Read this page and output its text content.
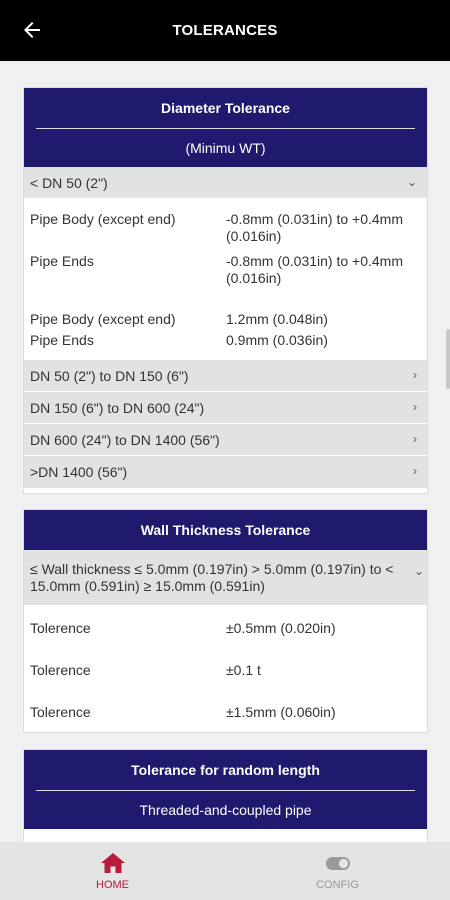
TOLERANCES
Diameter Tolerance
(Minimu WT)
< DN 50 (2")	⌄
Pipe Body (except end)	-0.8mm (0.031in) to +0.4mm (0.016in)
Pipe Ends	-0.8mm (0.031in) to +0.4mm (0.016in)
Pipe Body (except end)	1.2mm (0.048in)
Pipe Ends	0.9mm (0.036in)
DN 50 (2") to DN 150 (6")	›
DN 150 (6") to DN 600 (24")	›
DN 600 (24") to DN 1400 (56")	›
>DN 1400 (56")	›
Wall Thickness Tolerance
≤ Wall thickness ≤ 5.0mm (0.197in) > 5.0mm (0.197in) to < 15.0mm (0.591in) ≥ 15.0mm (0.591in)
⌄
Tolerence	±0.5mm (0.020in)
Tolerence	±0.1 t
Tolerence	±1.5mm (0.060in)
Tolerance for random length
Threaded-and-coupled pipe
HOME	CONFIG
